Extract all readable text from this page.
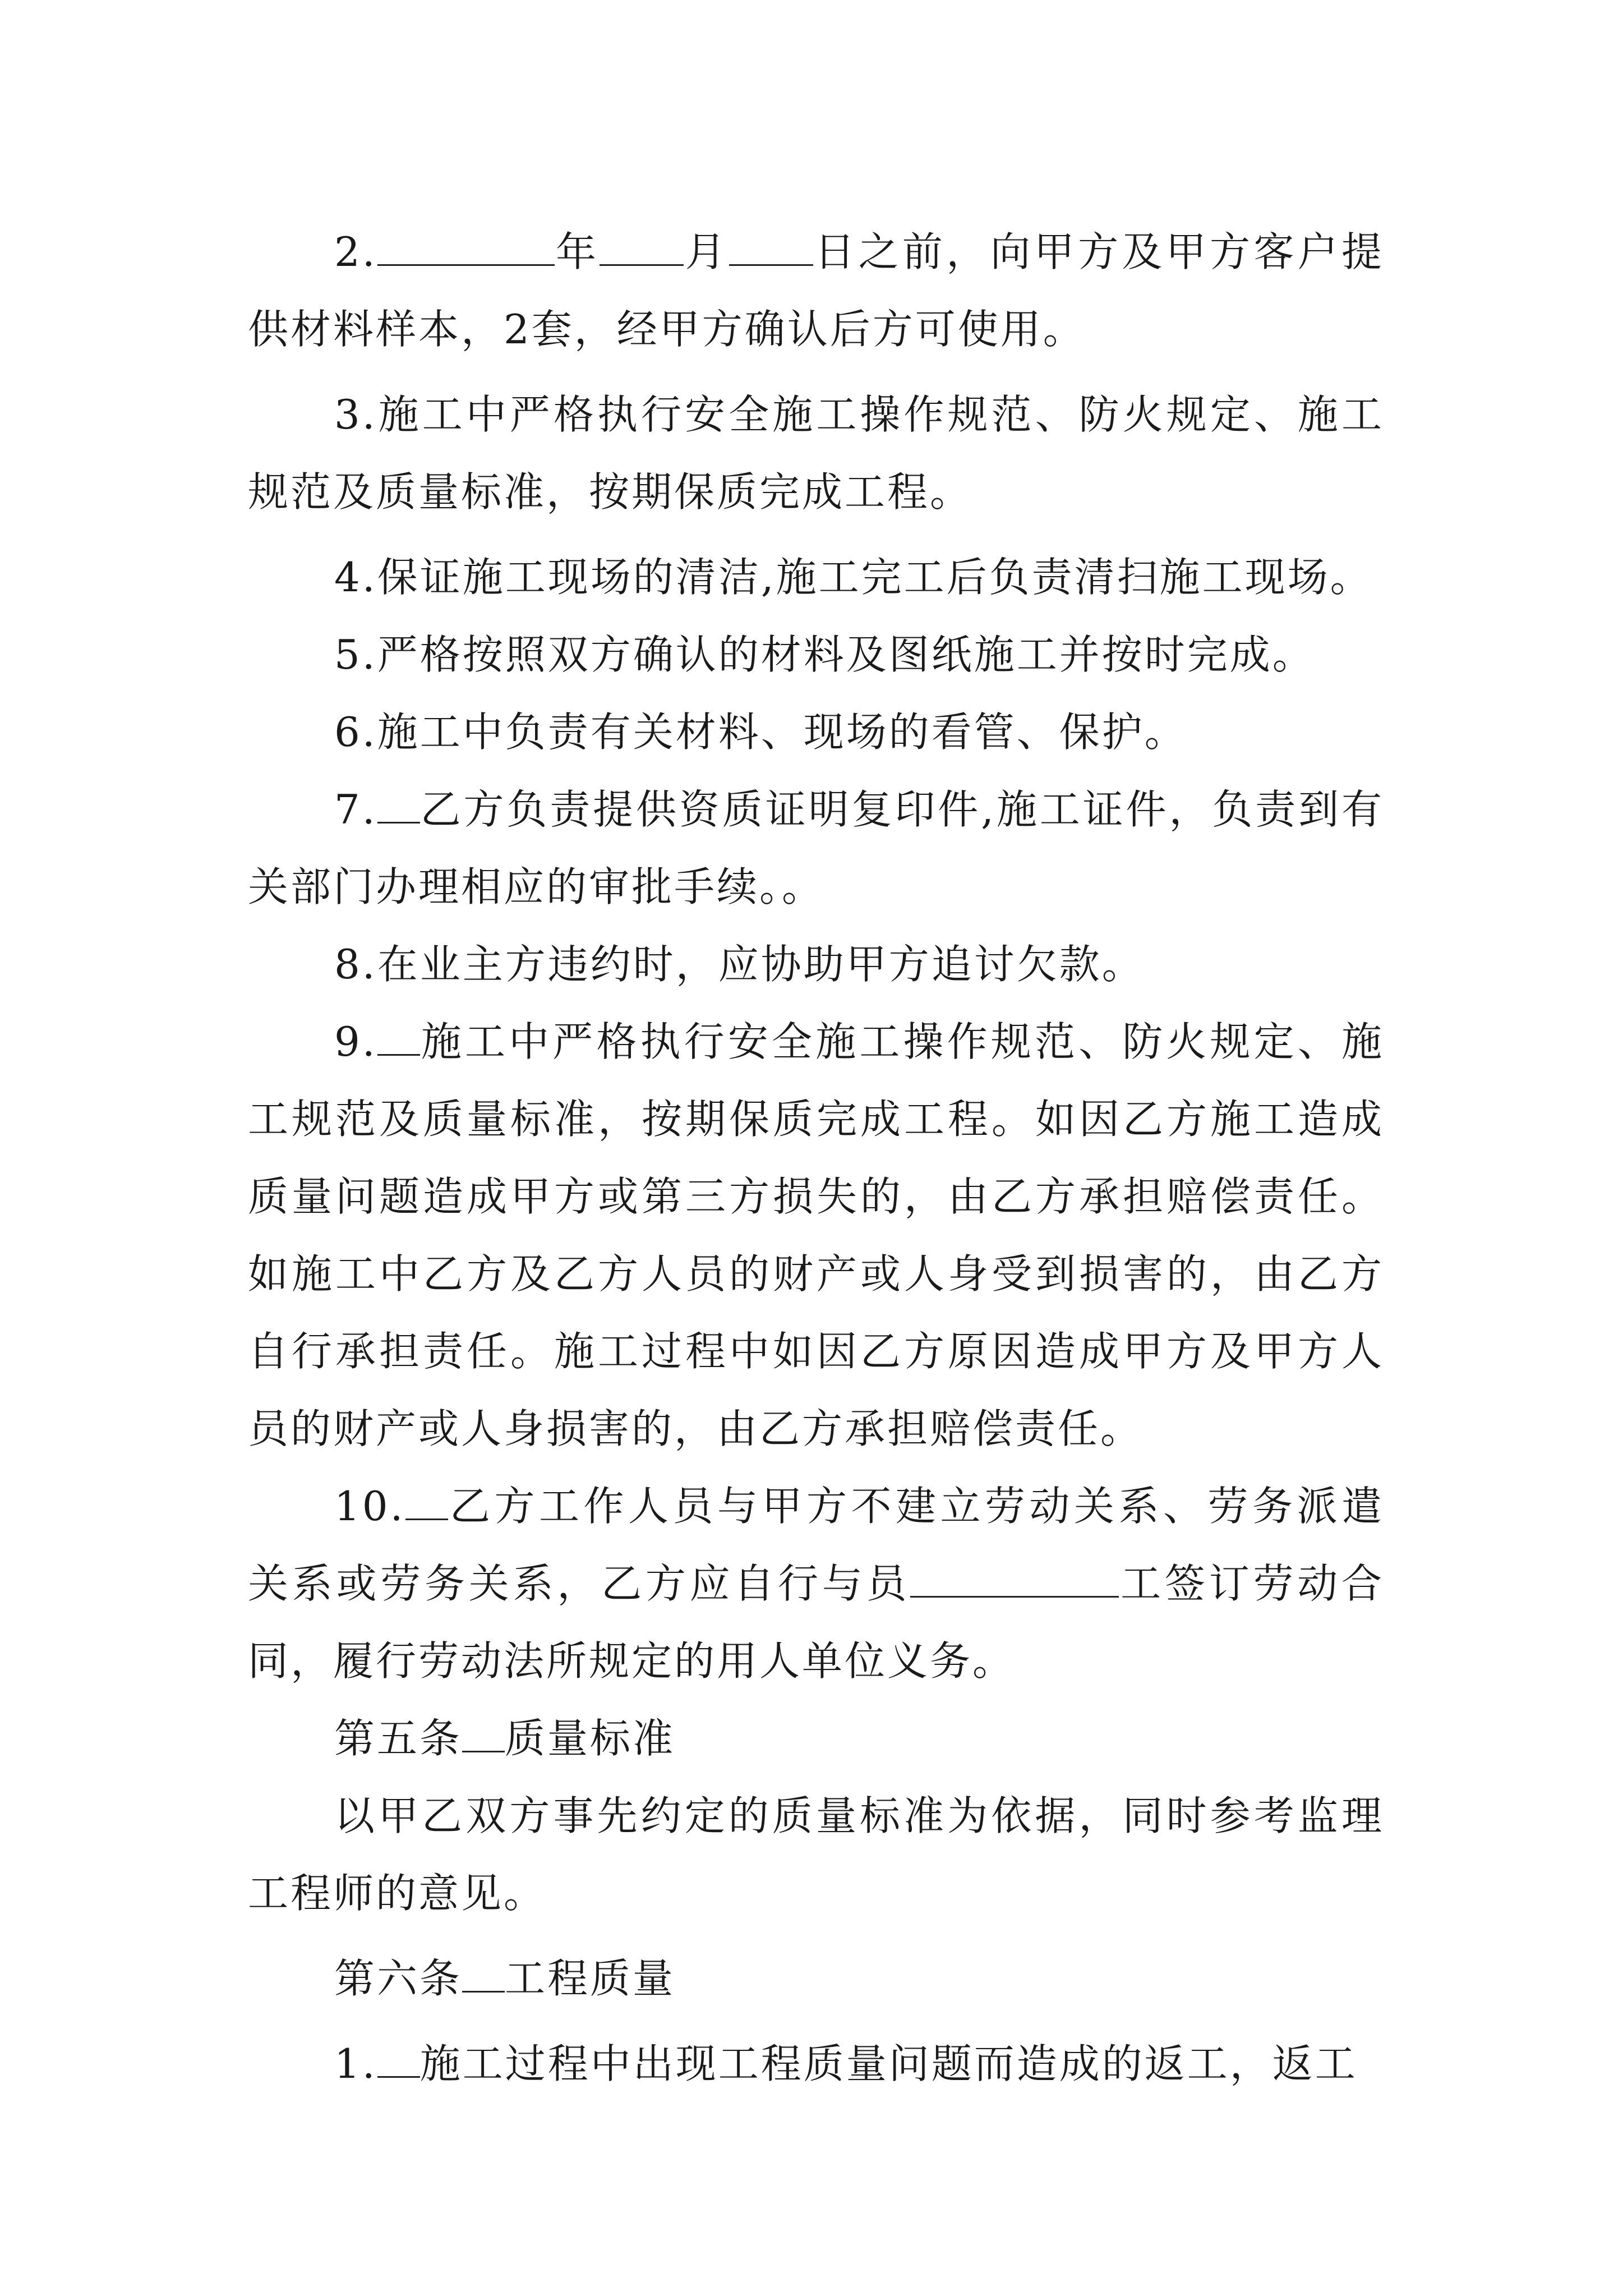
2.	年 月 日之前，向甲方及甲方客户提供材料样本，2套，经甲方确认后方可使用。

3.施工中严格执行安全施工操作规范、防火规定、施工规范及质量标准，按期保质完成工程。

4.保证施工现场的清洁,施工完工后负责清扫施工现场。

5.严格按照双方确认的材料及图纸施工并按时完成。

6.施工中负责有关材料、现场的看管、保护。

7. 乙方负责提供资质证明复印件,施工证件，负责到有关部门办理相应的审批手续。。

8.在业主方违约时，应协助甲方追讨欠款。

9. 施工中严格执行安全施工操作规范、防火规定、施工规范及质量标准，按期保质完成工程。如因乙方施工造成质量问题造成甲方或第三方损失的，由乙方承担赔偿责任。如施工中乙方及乙方人员的财产或人身受到损害的，由乙方自行承担责任。施工过程中如因乙方原因造成甲方及甲方人员的财产或人身损害的，由乙方承担赔偿责任。

10. 乙方工作人员与甲方不建立劳动关系、劳务派遣关系或劳务关系，乙方应自行与员	工签订劳动合同，履行劳动法所规定的用人单位义务。

第五条 质量标准

以甲乙双方事先约定的质量标准为依据，同时参考监理工程师的意见。

第六条 工程质量

1. 施工过程中出现工程质量问题而造成的返工，返工
